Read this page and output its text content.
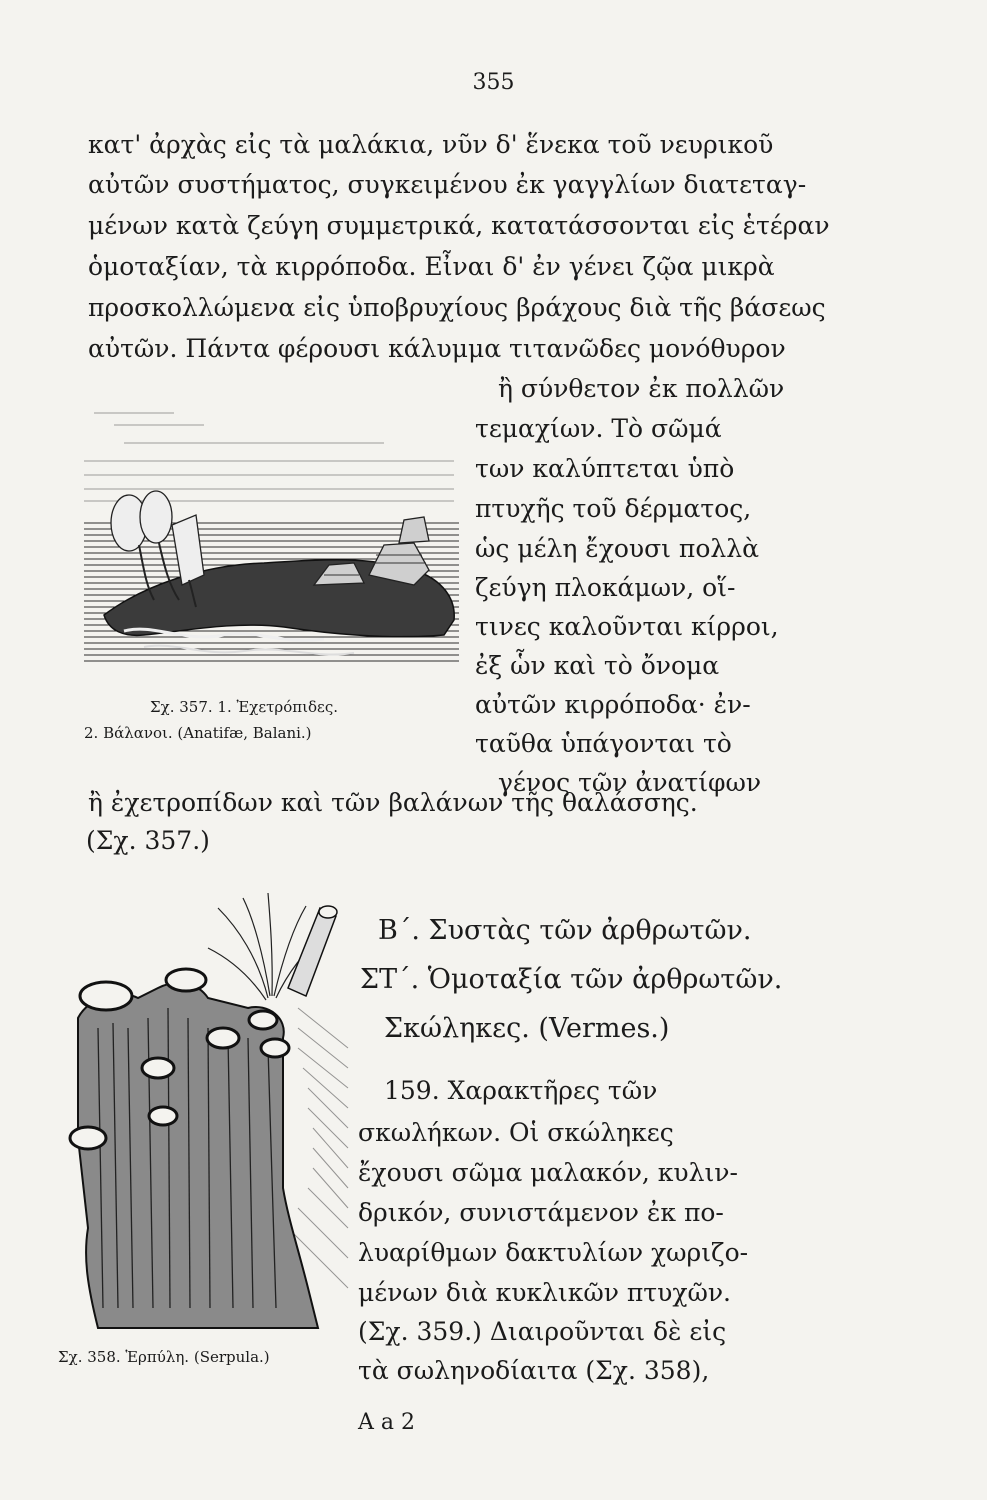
355
κατ' ἀρχὰς εἰς τὰ μαλάκια, νῦν δ' ἕνεκα τοῦ νευρικοῦ
αὐτῶν συστήματος, συγκειμένου ἐκ γαγγλίων διατεταγ-
μένων κατὰ ζεύγη συμμετρικά, κατατάσσονται εἰς ἑτέραν
ὁμοταξίαν, τὰ κιρρόποδα. Εἶναι δ' ἐν γένει ζῷα μικρὰ
προσκολλώμενα εἰς ὑποβρυχίους βράχους διὰ τῆς βάσεως
αὐτῶν. Πάντα φέρουσι κάλυμμα τιτανῶδες μονόθυρον
ἢ σύνθετον ἐκ πολλῶν
τεμαχίων. Τὸ σῶμά
των καλύπτεται ὑπὸ
πτυχῆς τοῦ δέρματος,
ὡς μέλη ἔχουσι πολλὰ
ζεύγη πλοκάμων, οἵ-
τινες καλοῦνται κίρροι,
ἐξ ὧν καὶ τὸ ὄνομα
αὐτῶν κιρρόποδα· ἐν-
ταῦθα ὑπάγονται τὸ
γένος τῶν ἀνατίφων
Σχ. 357. 1. Ἐχετρόπιδες.
2. Βάλανοι. (Anatifæ, Balani.)
ἢ ἐχετροπίδων καὶ τῶν βαλάνων τῆς θαλάσσης.
(Σχ. 357.)
Β΄. Συστὰς τῶν ἀρθρωτῶν.
ΣΤ΄. Ὁμοταξία τῶν ἀρθρωτῶν.
Σκώληκες. (Vermes.)
159. Χαρακτῆρες τῶν
σκωλήκων. Οἱ σκώληκες
ἔχουσι σῶμα μαλακόν, κυλιν-
δρικόν, συνιστάμενον ἐκ πο-
λυαρίθμων δακτυλίων χωριζο-
μένων διὰ κυκλικῶν πτυχῶν.
(Σχ. 359.) Διαιροῦνται δὲ εἰς
τὰ σωληνοδίαιτα (Σχ. 358),
Σχ. 358. Ἑρπύλη. (Serpula.)
Α a 2
